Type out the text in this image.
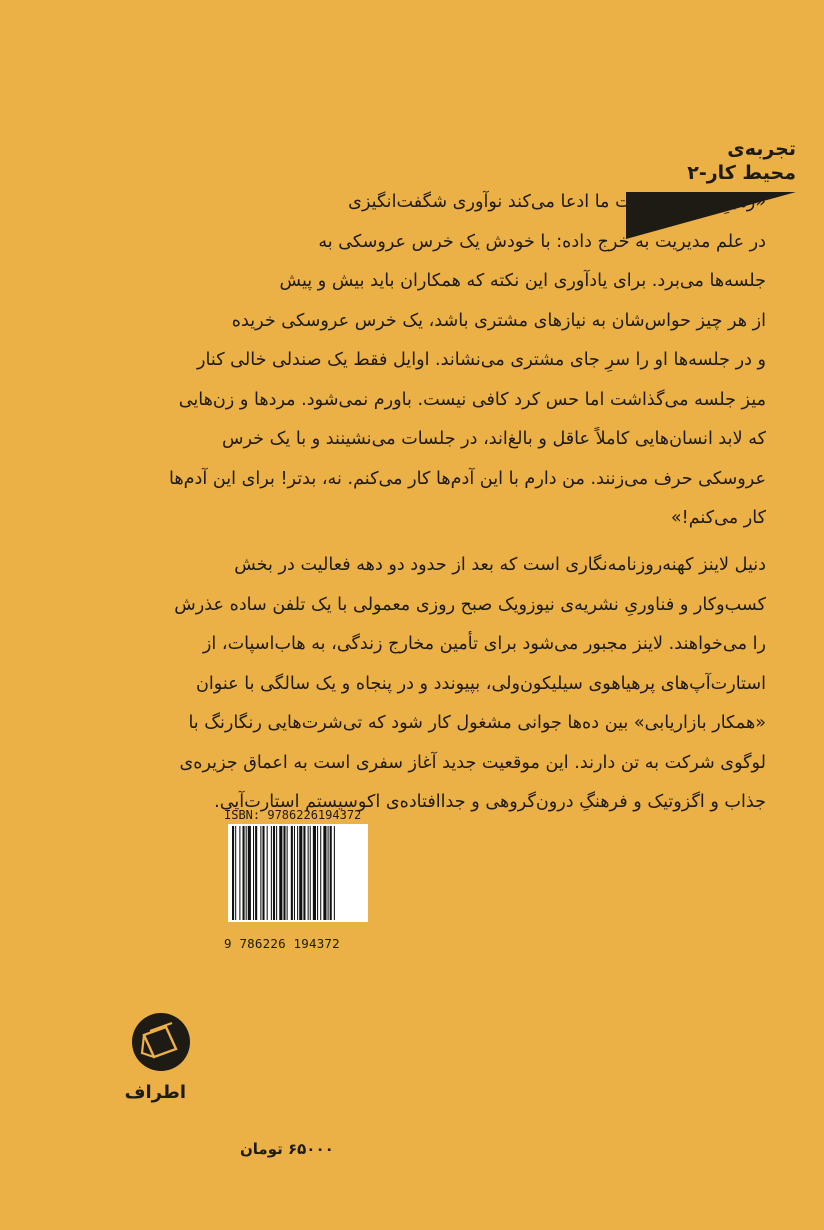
تجربه‌ی
محیط کار-۲
«رهبرِ معنویِ شرکت ما ادعا می‌کند نوآوری شگفت‌انگیزی
در علم مدیریت به خرج داده: با خودش یک خرس عروسکی به
جلسه‌ها می‌برد. برای یادآوری این نکته که همکاران باید بیش و پیش
از هر چیز حواس‌شان به نیازهای مشتری باشد، یک خرس عروسکی خریده
و در جلسه‌ها او را سرِ جای مشتری می‌نشاند. اوایل فقط یک صندلی خالی کنار
میز جلسه می‌گذاشت اما حس کرد کافی نیست. باورم نمی‌شود. مردها و زن‌هایی
که لابد انسان‌هایی کاملاً عاقل و بالغ‌اند، در جلسات می‌نشینند و با یک خرس
عروسکی حرف می‌زنند. من دارم با این آدم‌ها کار می‌کنم. نه، بدتر! برای این آدم‌ها
کار می‌کنم!»
دنیل لاینز کهنه‌روزنامه‌نگاری است که بعد از حدود دو دهه فعالیت در بخش
کسب‌وکار و فناوریِ نشریه‌ی نیوزویک صبح روزی معمولی با یک تلفن ساده عذرش
را می‌خواهند. لاینز مجبور می‌شود برای تأمین مخارج زندگی، به هاب‌اسپات، از
استارت‌آپ‌های پرهیاهوی سیلیکون‌ولی، بپیوندد و در پنجاه و یک سالگی با عنوان
«همکار بازاریابی» بین ده‌ها جوانی مشغول کار شود که تی‌شرت‌هایی رنگارنگ با
لوگوی شرکت به تن دارند. این موقعیت جدید آغاز سفری است به اعماق جزیره‌ی
جذاب و اگزوتیک و فرهنگِ درون‌گروهی و جداافتاده‌ی اکوسیستم استارت‌آپی.
ISBN: 9786226194372
9 786226 194372
۶۵۰۰۰ تومان
اطراف
